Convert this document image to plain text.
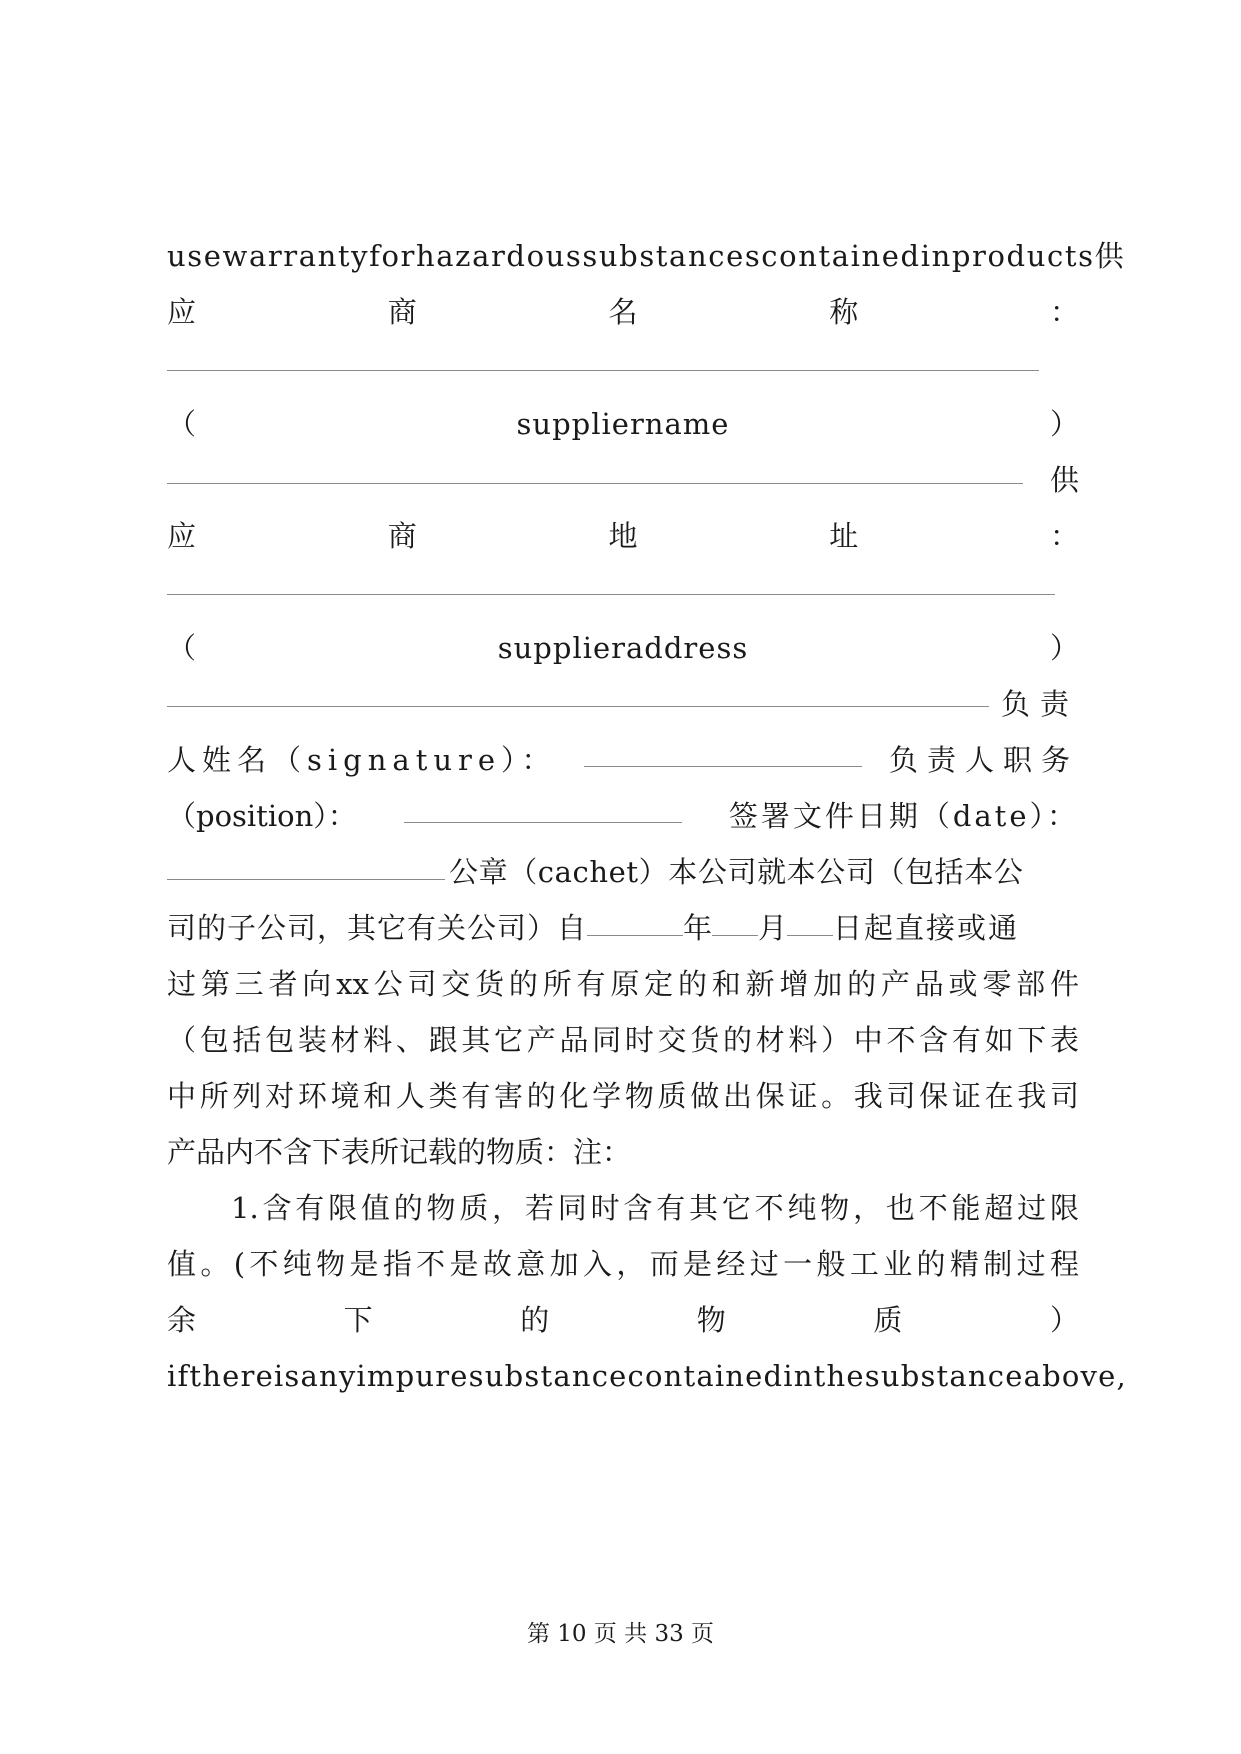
usewarrantyforhazardoussubstancescontainedinproducts 供
应	商	名	称	：
（	suppliername	）
供
应	商	地	址	：
（	supplieraddress	）
负责
人姓名（signature）：	负责人职务
（position）：	签署文件日期（date）：
公章（cachet）本公司就本公司（包括本公
司的子公司，其它有关公司）自	年 月 日起直接或通
过第三者向xx公司交货的所有原定的和新增加的产品或零部件
（包括包装材料、跟其它产品同时交货的材料）中不含有如下表
中所列对环境和人类有害的化学物质做出保证。我司保证在我司
产品内不含下表所记载的物质：注：
1.含有限值的物质，若同时含有其它不纯物，也不能超过限
值。(不纯物是指不是故意加入，而是经过一般工业的精制过程
余	下	的	物	质	）
ifthereisanyimpuresubstancecontainedinthesubstanceabove,
第 10 页 共 33 页
